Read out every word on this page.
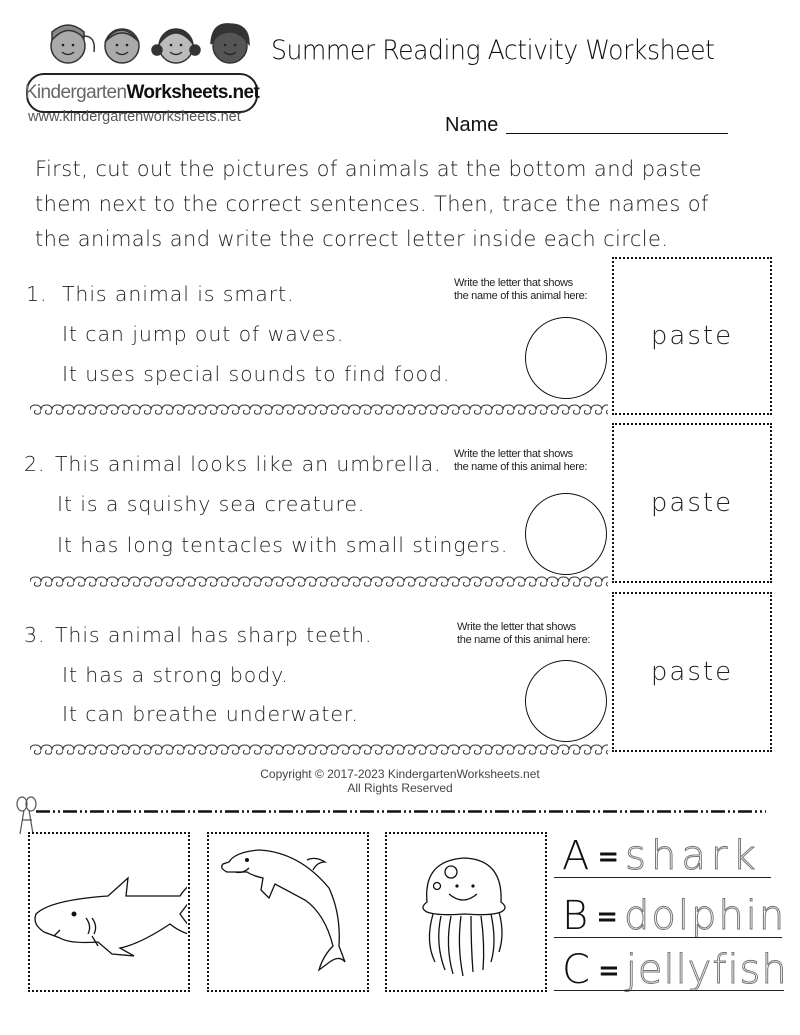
Kindergarten Worksheets.net
www.kindergartenworksheets.net
Summer Reading Activity Worksheet
Name
First, cut out the pictures of animals at the bottom and paste
them next to the correct sentences. Then, trace the names of
the animals and write the correct letter inside each circle.
1. This animal is smart.
It can jump out of waves.
It uses special sounds to find food.
Write the letter that shows
the name of this animal here:
paste
2. This animal looks like an umbrella.
It is a squishy sea creature.
It has long tentacles with small stingers.
Write the letter that shows
the name of this animal here:
paste
3. This animal has sharp teeth.
It has a strong body.
It can breathe underwater.
Write the letter that shows
the name of this animal here:
paste
Copyright © 2017-2023 KindergartenWorksheets.net
All Rights Reserved
A = shark
B = dolphin
C = jellyfish
